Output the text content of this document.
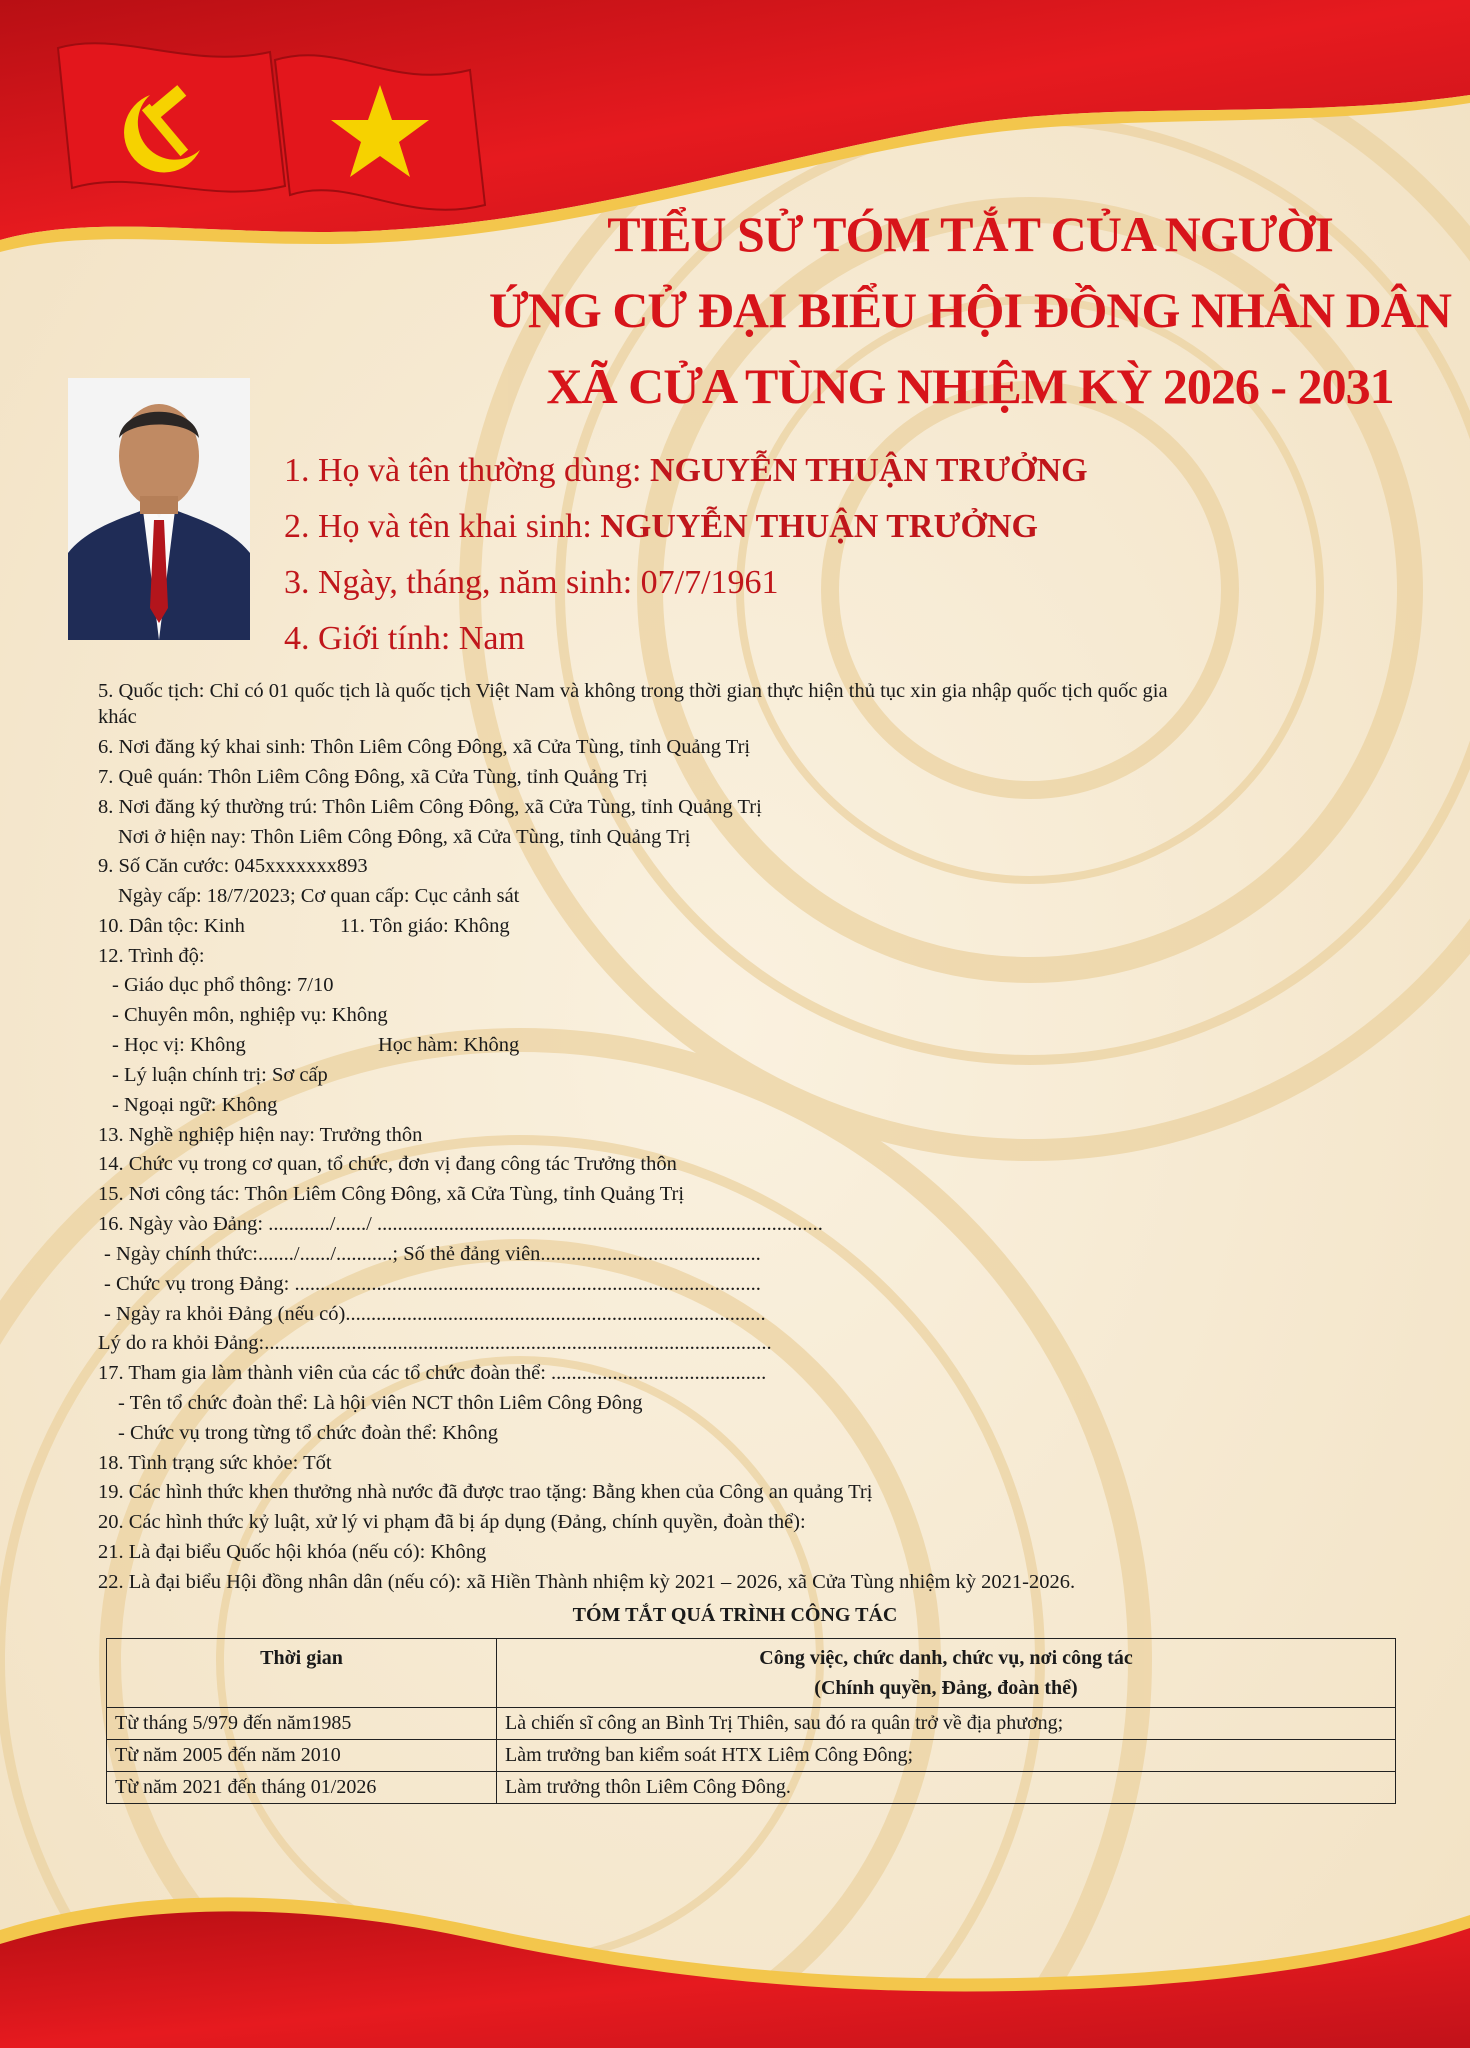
TIỂU SỬ TÓM TẮT CỦA NGƯỜI
ỨNG CỬ ĐẠI BIỂU HỘI ĐỒNG NHÂN DÂN
XÃ CỬA TÙNG NHIỆM KỲ 2026 - 2031
1. Họ và tên thường dùng: NGUYỄN THUẬN TRƯỞNG
2. Họ và tên khai sinh: NGUYỄN THUẬN TRƯỞNG
3. Ngày, tháng, năm sinh: 07/7/1961
4. Giới tính: Nam
5. Quốc tịch: Chỉ có 01 quốc tịch là quốc tịch Việt Nam và không trong thời gian thực hiện thủ tục xin gia nhập quốc tịch quốc gia
khác
6. Nơi đăng ký khai sinh: Thôn Liêm Công Đông, xã Cửa Tùng, tỉnh Quảng Trị
7. Quê quán: Thôn Liêm Công Đông, xã Cửa Tùng, tỉnh Quảng Trị
8. Nơi đăng ký thường trú: Thôn Liêm Công Đông, xã Cửa Tùng, tỉnh Quảng Trị
Nơi ở hiện nay: Thôn Liêm Công Đông, xã Cửa Tùng, tỉnh Quảng Trị
9. Số Căn cước: 045xxxxxxx893
Ngày cấp: 18/7/2023; Cơ quan cấp: Cục cảnh sát
10. Dân tộc: Kinh	11. Tôn giáo: Không
12. Trình độ:
- Giáo dục phổ thông: 7/10
- Chuyên môn, nghiệp vụ: Không
- Học vị: Không	Học hàm: Không
- Lý luận chính trị: Sơ cấp
- Ngoại ngữ: Không
13. Nghề nghiệp hiện nay: Trưởng thôn
14. Chức vụ trong cơ quan, tổ chức, đơn vị đang công tác Trưởng thôn
15. Nơi công tác: Thôn Liêm Công Đông, xã Cửa Tùng, tỉnh Quảng Trị
16. Ngày vào Đảng: ............/....../ .......................................................................................
- Ngày chính thức:......./....../...........; Số thẻ đảng viên...........................................
- Chức vụ trong Đảng: ...........................................................................................
- Ngày ra khỏi Đảng (nếu có)..................................................................................
Lý do ra khỏi Đảng:...................................................................................................
17. Tham gia làm thành viên của các tổ chức đoàn thể: ..........................................
- Tên tổ chức đoàn thể: Là hội viên NCT thôn Liêm Công Đông
- Chức vụ trong từng tổ chức đoàn thể: Không
18. Tình trạng sức khỏe: Tốt
19. Các hình thức khen thưởng nhà nước đã được trao tặng: Bằng khen của Công an quảng Trị
20. Các hình thức kỷ luật, xử lý vi phạm đã bị áp dụng (Đảng, chính quyền, đoàn thể):
21. Là đại biểu Quốc hội khóa (nếu có): Không
22. Là đại biểu Hội đồng nhân dân (nếu có): xã Hiền Thành nhiệm kỳ 2021 – 2026, xã Cửa Tùng nhiệm kỳ 2021-2026.
TÓM TẮT QUÁ TRÌNH CÔNG TÁC
Thời gian	Công việc, chức danh, chức vụ, nơi công tác
(Chính quyền, Đảng, đoàn thể)

Từ tháng 5/979 đến năm1985	Là chiến sĩ công an Bình Trị Thiên, sau đó ra quân trở về địa phương;
Từ năm 2005 đến năm 2010	Làm trưởng ban kiểm soát HTX Liêm Công Đông;
Từ năm 2021 đến tháng 01/2026	Làm trưởng thôn Liêm Công Đông.
